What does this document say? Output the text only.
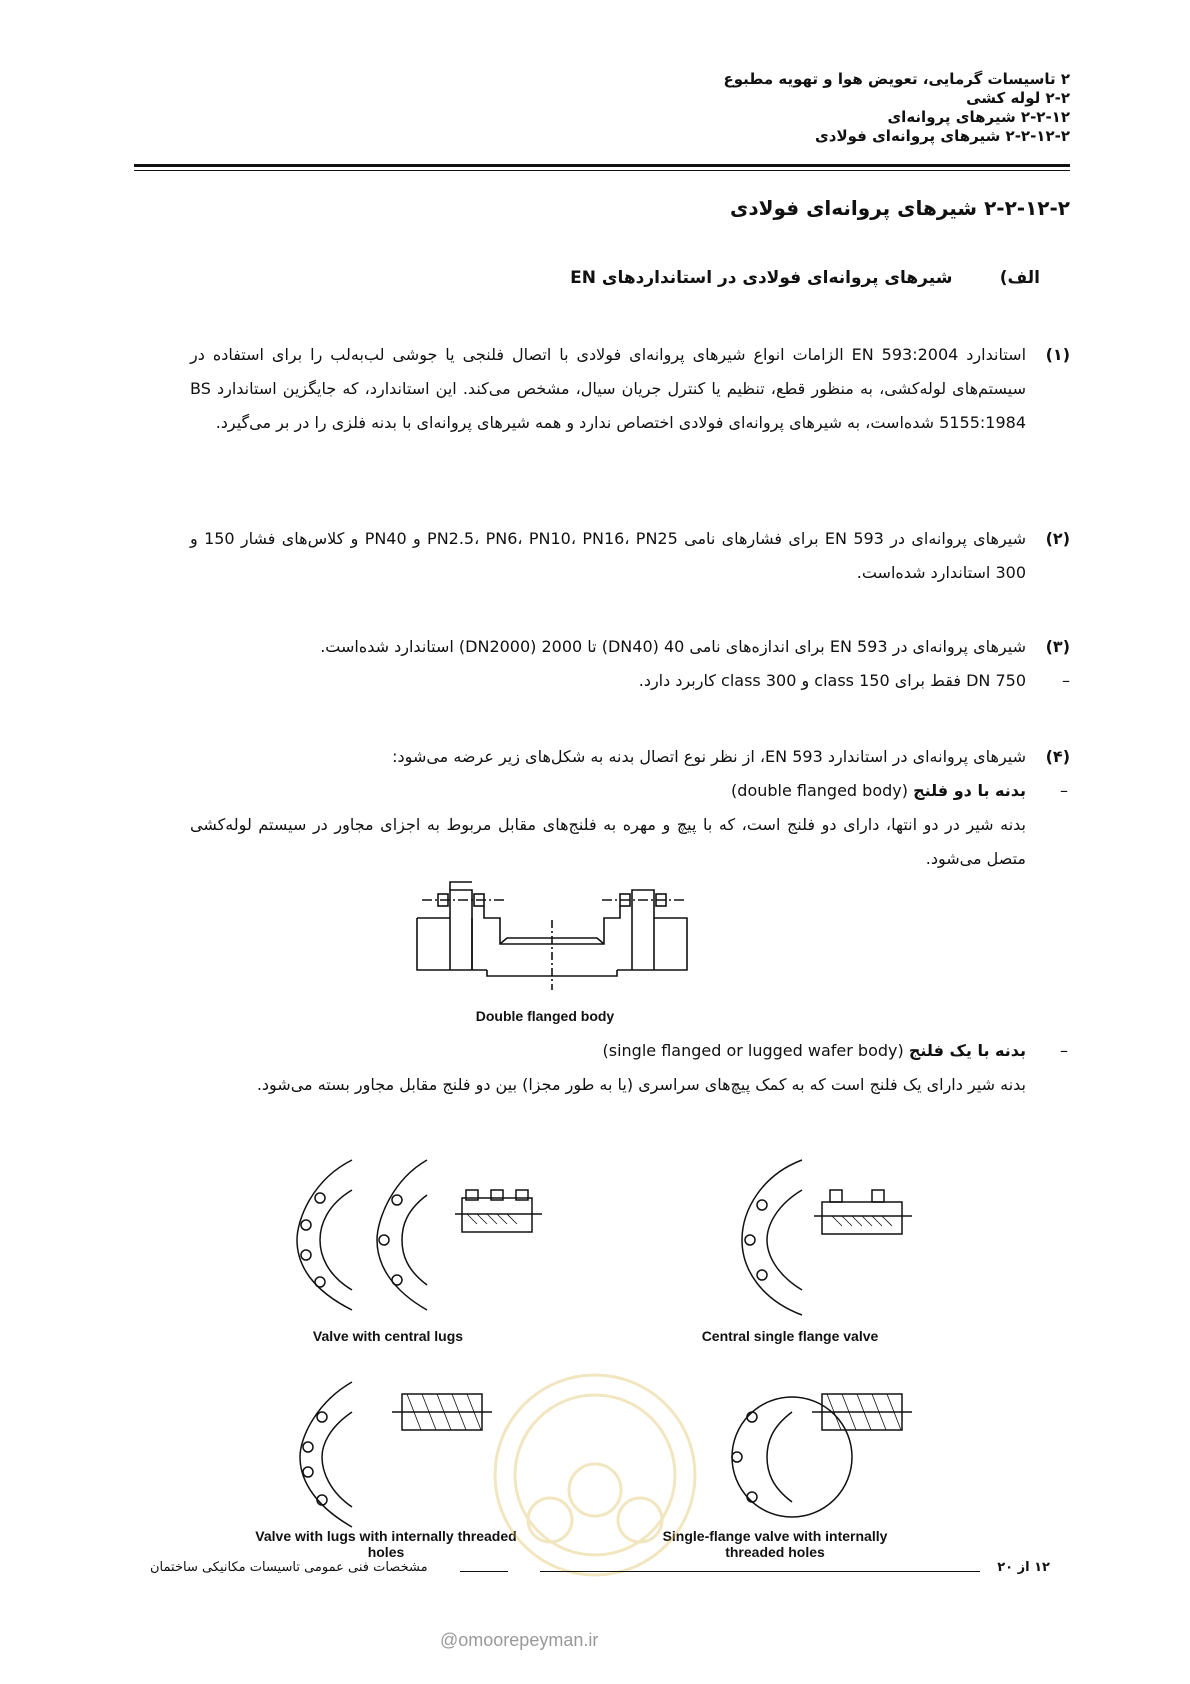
۲ تاسیسات گرمایی، تعویض هوا و تهویه مطبوع
۲-۲ لوله کشی
۲-۲-۱۲ شیرهای پروانه‌ای
۲-۲-۱۲-۲ شیرهای پروانه‌ای فولادی
۲-۲-۱۲-۲ شیرهای پروانه‌ای فولادی
الف)        شیرهای پروانه‌ای فولادی در استانداردهای EN
(۱)
استاندارد EN 593:2004 الزامات انواع شیرهای پروانه‌ای فولادی با اتصال فلنجی یا جوشی لب‌به‌لب را برای استفاده در سیستم‌های لوله‌کشی، به منظور قطع، تنظیم یا کنترل جریان سیال، مشخص می‌کند. این استاندارد، که جایگزین استاندارد BS 5155:1984 شده‌است، به شیرهای پروانه‌ای فولادی اختصاص ندارد و همه شیرهای پروانه‌ای با بدنه فلزی را در بر می‌گیرد.
(۲)
شیرهای پروانه‌ای در EN 593 برای فشارهای نامی PN2.5، PN6، PN10، PN16، PN25 و PN40 و کلاس‌های فشار 150 و 300 استاندارد شده‌است.
(۳)
شیرهای پروانه‌ای در EN 593 برای اندازه‌های نامی 40 (DN40) تا 2000 (DN2000) استاندارد شده‌است.
–
DN 750 فقط برای class 150 و class 300 کاربرد دارد.
(۴)
شیرهای پروانه‌ای در استاندارد EN 593، از نظر نوع اتصال بدنه به شکل‌های زیر عرضه می‌شود:
–
بدنه با دو فلنج (double flanged body)
بدنه شیر در دو انتها، دارای دو فلنج است، که با پیچ و مهره به فلنج‌های مقابل مربوط به اجزای مجاور در سیستم لوله‌کشی متصل می‌شود.
Double flanged body
–
بدنه با یک فلنج (single flanged or lugged wafer body)
بدنه شیر دارای یک فلنج است که به کمک پیچ‌های سراسری (یا به طور مجزا) بین دو فلنج مقابل مجاور بسته می‌شود.
Valve with central lugs	Central single flange valve
Valve with lugs with internally threaded holes
Single-flange valve with internally threaded holes
۱۲ از ۲۰
مشخصات فنی عمومی تاسیسات مکانیکی ساختمان
@omoorepeyman.ir
